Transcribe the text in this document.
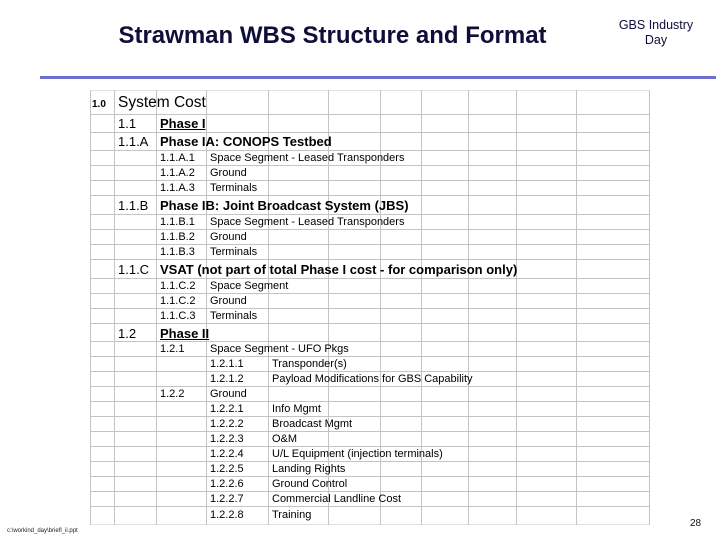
Strawman WBS Structure and Format	GBS Industry
Day
1.0 System Cost
1.1 Phase I
1.1.A Phase IA: CONOPS Testbed
1.1.A.1 Space Segment - Leased Transponders
1.1.A.2 Ground
1.1.A.3 Terminals
1.1.B Phase IB: Joint Broadcast System (JBS)
1.1.B.1 Space Segment - Leased Transponders
1.1.B.2 Ground
1.1.B.3 Terminals
1.1.C VSAT (not part of total Phase I cost - for comparison only)
1.1.C.2 Space Segment
1.1.C.2 Ground
1.1.C.3 Terminals
1.2 Phase II
1.2.1 Space Segment - UFO Pkgs
1.2.1.1	Transponder(s)
1.2.1.2	Payload Modifications for GBS Capability
1.2.2 Ground
1.2.2.1	Info Mgmt
1.2.2.2	Broadcast Mgmt
1.2.2.3	O&M
1.2.2.4	U/L Equipment (injection terminals)
1.2.2.5	Landing Rights
1.2.2.6	Ground Control
1.2.2.7	Commercial Landline Cost
1.2.2.8	Training
c:\workind_day\briefl_ii.ppt
28
